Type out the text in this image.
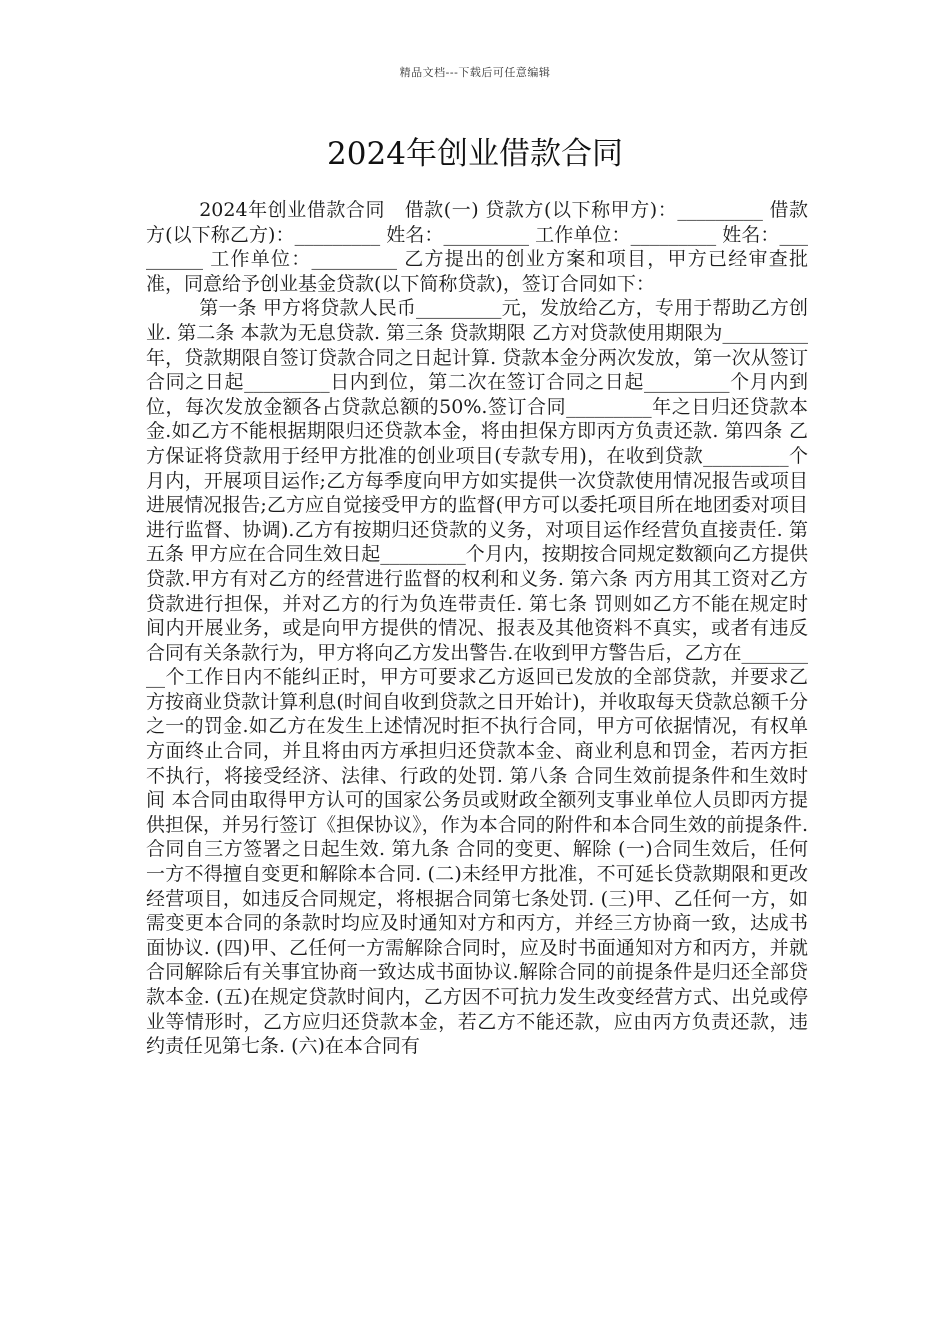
精品文档---下载后可任意编辑
2024年创业借款合同

2024年创业借款合同　借款(一) 贷款方(以下称甲方)：_________ 借款方(以下称乙方)：_________ 姓名：_________ 工作单位：_________ 姓名：_________ 工作单位：_________ 乙方提出的创业方案和项目，甲方已经审查批准，同意给予创业基金贷款(以下简称贷款)，签订合同如下：

第一条 甲方将贷款人民币_________元，发放给乙方，专用于帮助乙方创业. 第二条 本款为无息贷款. 第三条 贷款期限 乙方对贷款使用期限为_________年，贷款期限自签订贷款合同之日起计算. 贷款本金分两次发放，第一次从签订合同之日起_________日内到位，第二次在签订合同之日起_________个月内到位，每次发放金额各占贷款总额的50%.签订合同_________年之日归还贷款本金.如乙方不能根据期限归还贷款本金，将由担保方即丙方负责还款. 第四条 乙方保证将贷款用于经甲方批准的创业项目(专款专用)，在收到贷款_________个月内，开展项目运作;乙方每季度向甲方如实提供一次贷款使用情况报告或项目进展情况报告;乙方应自觉接受甲方的监督(甲方可以委托项目所在地团委对项目进行监督、协调).乙方有按期归还贷款的义务，对项目运作经营负直接责任. 第五条 甲方应在合同生效日起_________个月内，按期按合同规定数额向乙方提供贷款.甲方有对乙方的经营进行监督的权利和义务. 第六条 丙方用其工资对乙方贷款进行担保，并对乙方的行为负连带责任. 第七条 罚则如乙方不能在规定时间内开展业务，或是向甲方提供的情况、报表及其他资料不真实，或者有违反合同有关条款行为，甲方将向乙方发出警告.在收到甲方警告后，乙方在_________个工作日内不能纠正时，甲方可要求乙方返回已发放的全部贷款，并要求乙方按商业贷款计算利息(时间自收到贷款之日开始计)，并收取每天贷款总额千分之一的罚金.如乙方在发生上述情况时拒不执行合同，甲方可依据情况，有权单方面终止合同，并且将由丙方承担归还贷款本金、商业利息和罚金，若丙方拒不执行，将接受经济、法律、行政的处罚. 第八条 合同生效前提条件和生效时间 本合同由取得甲方认可的国家公务员或财政全额列支事业单位人员即丙方提供担保，并另行签订《担保协议》，作为本合同的附件和本合同生效的前提条件.合同自三方签署之日起生效. 第九条 合同的变更、解除 (一)合同生效后，任何一方不得擅自变更和解除本合同. (二)未经甲方批准，不可延长贷款期限和更改经营项目，如违反合同规定，将根据合同第七条处罚. (三)甲、乙任何一方，如需变更本合同的条款时均应及时通知对方和丙方，并经三方协商一致，达成书面协议. (四)甲、乙任何一方需解除合同时，应及时书面通知对方和丙方，并就合同解除后有关事宜协商一致达成书面协议.解除合同的前提条件是归还全部贷款本金. (五)在规定贷款时间内，乙方因不可抗力发生改变经营方式、出兑或停业等情形时，乙方应归还贷款本金，若乙方不能还款，应由丙方负责还款，违约责任见第七条. (六)在本合同有
